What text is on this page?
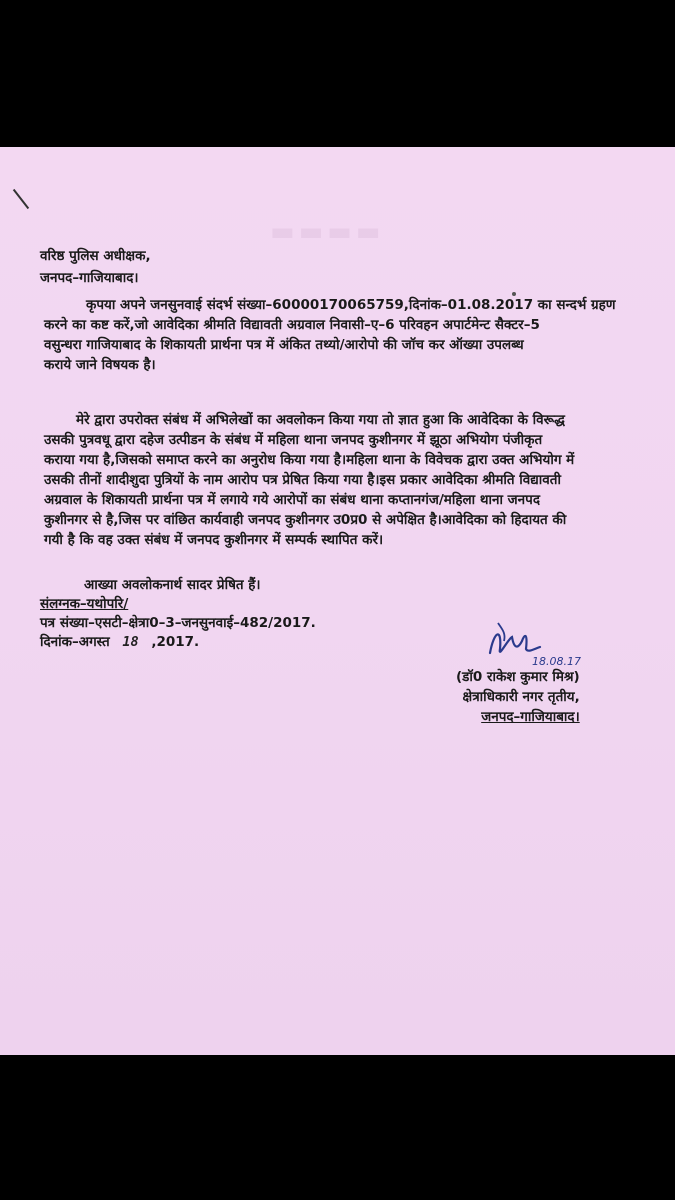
▬▬▬▬
वरिष्ठ पुलिस अधीक्षक,
जनपद–गाजियाबाद।
कृपया अपने जनसुनवाई संदर्भ संख्या–60000170065759,दिनांक–01.08.2017 का सन्दर्भ ग्रहण
करने का कष्ट करें,जो आवेदिका श्रीमति विद्यावती अग्रवाल निवासी–ए–6 परिवहन अपार्टमेन्ट सैक्टर–5
वसुन्धरा गाजियाबाद के शिकायती प्रार्थना पत्र में अंकित तथ्यो/आरोपो की जॉच कर ऑख्या उपलब्ध
कराये जाने विषयक है।
मेरे द्वारा उपरोक्त संबंध में अभिलेखों का अवलोकन किया गया तो ज्ञात हुआ कि आवेदिका के विरूद्ध
उसकी पुत्रवधू द्वारा दहेज उत्पीडन के संबंध में महिला थाना जनपद कुशीनगर में झूठा अभियोग पंजीकृत
कराया गया है,जिसको समाप्त करने का अनुरोध किया गया है।महिला थाना के विवेचक द्वारा उक्त अभियोग में
उसकी तीनों शादीशुदा पुत्रियों के नाम आरोप पत्र प्रेषित किया गया है।इस प्रकार आवेदिका श्रीमति विद्यावती
अग्रवाल के शिकायती प्रार्थना पत्र में लगाये गये आरोपों का संबंध थाना कप्तानगंज/महिला थाना जनपद
कुशीनगर से है,जिस पर वांछित कार्यवाही जनपद कुशीनगर उ0प्र0 से अपेक्षित है।आवेदिका को हिदायत की
गयी है कि वह उक्त संबंध में जनपद कुशीनगर में सम्पर्क स्थापित करें।
आख्या अवलोकनार्थ सादर प्रेषित हैं।
संलग्नक–यथोपरि/
पत्र संख्या–एसटी–क्षेत्रा0–3–जनसुनवाई–482/2017.
दिनांक–अगस्त 18 ,2017.
18.08.17
(डॉ0 राकेश कुमार मिश्र)
क्षेत्राधिकारी नगर तृतीय,
जनपद–गाजियाबाद।
